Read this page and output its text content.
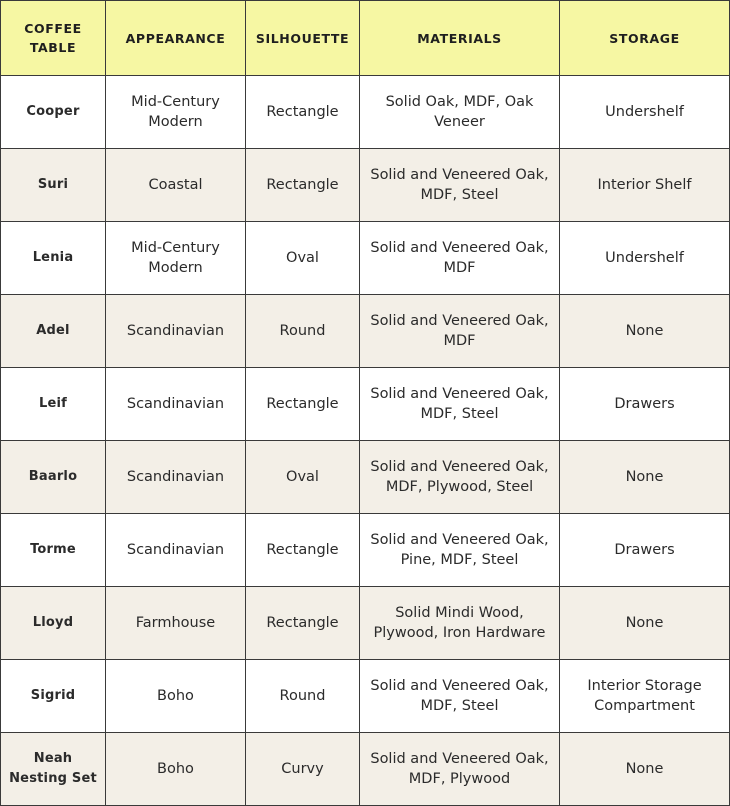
COFFEE TABLE	APPEARANCE	SILHOUETTE	MATERIALS	STORAGE
Cooper	Mid-Century Modern	Rectangle	Solid Oak, MDF, Oak Veneer	Undershelf
Suri	Coastal	Rectangle	Solid and Veneered Oak, MDF, Steel	Interior Shelf
Lenia	Mid-Century Modern	Oval	Solid and Veneered Oak, MDF	Undershelf
Adel	Scandinavian	Round	Solid and Veneered Oak, MDF	None
Leif	Scandinavian	Rectangle	Solid and Veneered Oak, MDF, Steel	Drawers
Baarlo	Scandinavian	Oval	Solid and Veneered Oak, MDF, Plywood, Steel	None
Torme	Scandinavian	Rectangle	Solid and Veneered Oak, Pine, MDF, Steel	Drawers
Lloyd	Farmhouse	Rectangle	Solid Mindi Wood, Plywood, Iron Hardware	None
Sigrid	Boho	Round	Solid and Veneered Oak, MDF, Steel	Interior Storage Compartment
Neah Nesting Set	Boho	Curvy	Solid and Veneered Oak, MDF, Plywood	None
